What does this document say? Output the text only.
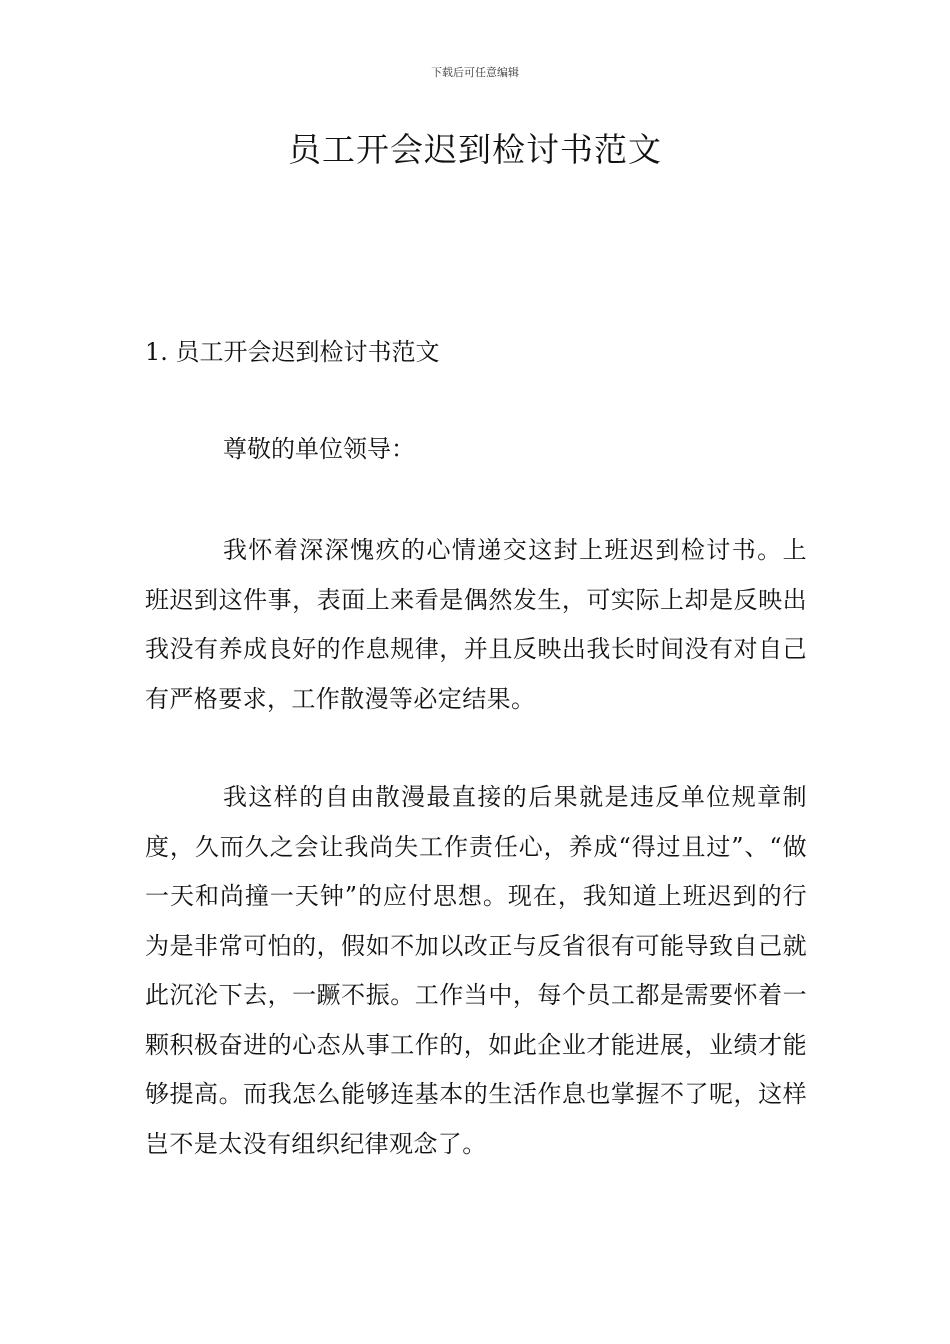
下载后可任意编辑
员工开会迟到检讨书范文
1. 员工开会迟到检讨书范文
尊敬的单位领导：

我怀着深深愧疚的心情递交这封上班迟到检讨书。上班迟到这件事，表面上来看是偶然发生，可实际上却是反映出我没有养成良好的作息规律，并且反映出我长时间没有对自己有严格要求，工作散漫等必定结果。

我这样的自由散漫最直接的后果就是违反单位规章制度，久而久之会让我尚失工作责任心，养成“得过且过”、“做一天和尚撞一天钟”的应付思想。现在，我知道上班迟到的行为是非常可怕的，假如不加以改正与反省很有可能导致自己就此沉沦下去，一蹶不振。工作当中，每个员工都是需要怀着一颗积极奋进的心态从事工作的，如此企业才能进展，业绩才能够提高。而我怎么能够连基本的生活作息也掌握不了呢，这样岂不是太没有组织纪律观念了。
